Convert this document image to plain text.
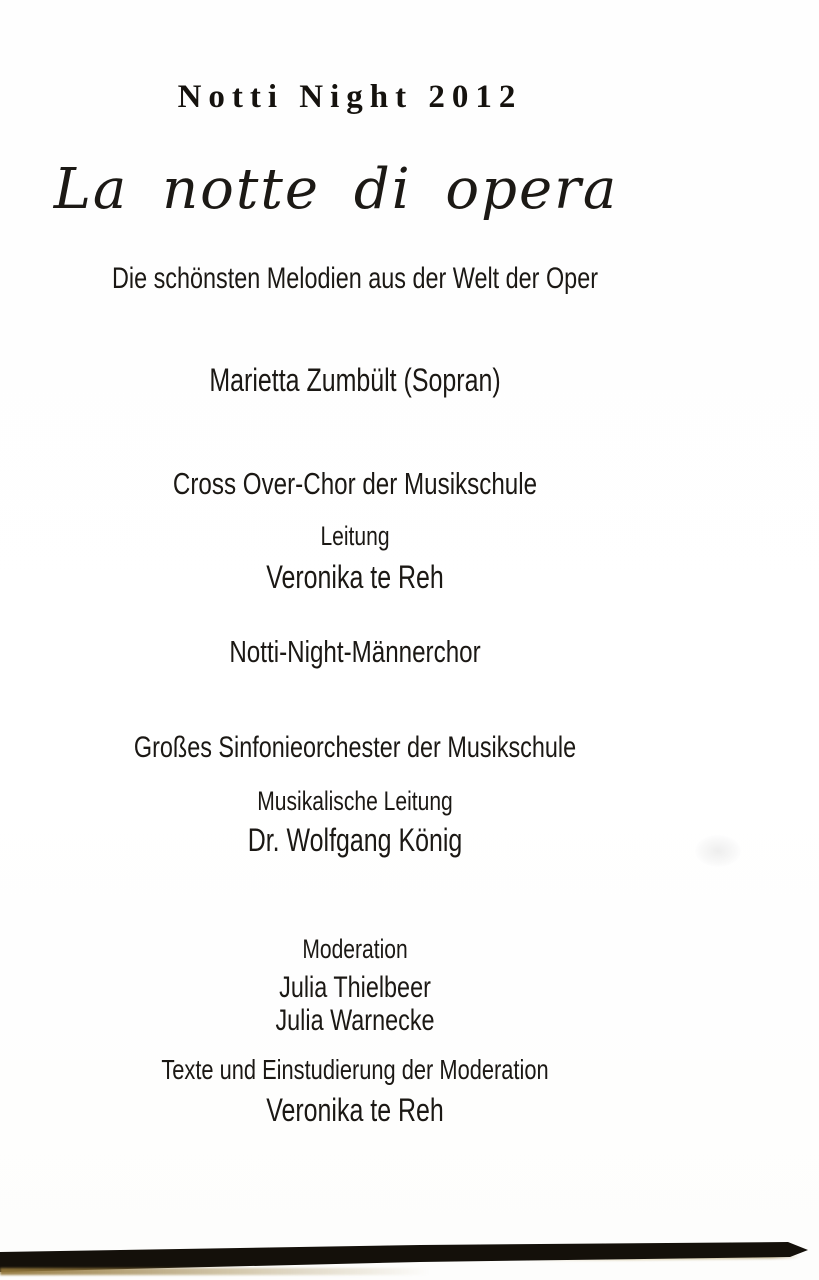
Notti Night 2012
La notte di opera
Die schönsten Melodien aus der Welt der Oper
Marietta Zumbült (Sopran)
Cross Over-Chor der Musikschule
Leitung
Veronika te Reh
Notti-Night-Männerchor
Großes Sinfonieorchester der Musikschule
Musikalische Leitung
Dr. Wolfgang König
Moderation
Julia Thielbeer
Julia Warnecke
Texte und Einstudierung der Moderation
Veronika te Reh
